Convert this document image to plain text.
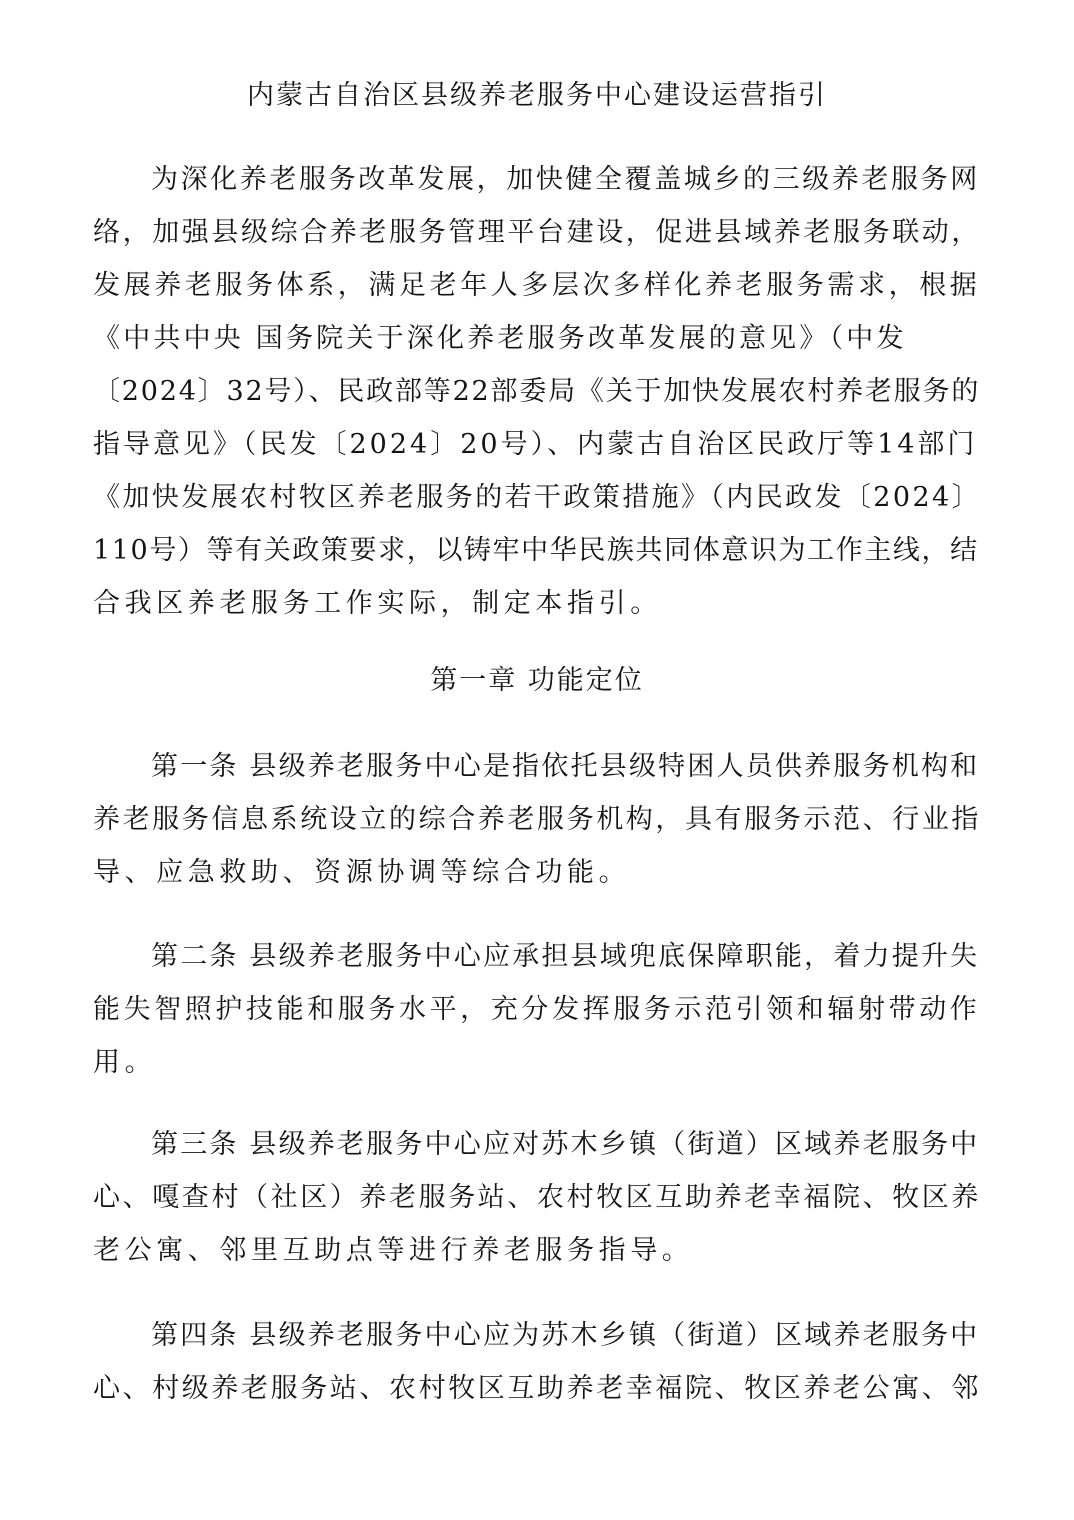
内蒙古自治区县级养老服务中心建设运营指引
为深化养老服务改革发展，加快健全覆盖城乡的三级养老服务网
络，加强县级综合养老服务管理平台建设，促进县域养老服务联动，
发展养老服务体系，满足老年人多层次多样化养老服务需求，根据
《中共中央 国务院关于深化养老服务改革发展的意见》（中发
〔2024〕32号）、民政部等22部委局《关于加快发展农村养老服务的
指导意见》（民发〔2024〕20号）、内蒙古自治区民政厅等14部门
《加快发展农村牧区养老服务的若干政策措施》（内民政发〔2024〕
110号）等有关政策要求，以铸牢中华民族共同体意识为工作主线，结
合我区养老服务工作实际，制定本指引。
第一章 功能定位
第一条 县级养老服务中心是指依托县级特困人员供养服务机构和
养老服务信息系统设立的综合养老服务机构，具有服务示范、行业指
导、应急救助、资源协调等综合功能。
第二条 县级养老服务中心应承担县域兜底保障职能，着力提升失
能失智照护技能和服务水平，充分发挥服务示范引领和辐射带动作
用。
第三条 县级养老服务中心应对苏木乡镇（街道）区域养老服务中
心、嘎查村（社区）养老服务站、农村牧区互助养老幸福院、牧区养
老公寓、邻里互助点等进行养老服务指导。
第四条 县级养老服务中心应为苏木乡镇（街道）区域养老服务中
心、村级养老服务站、农村牧区互助养老幸福院、牧区养老公寓、邻
